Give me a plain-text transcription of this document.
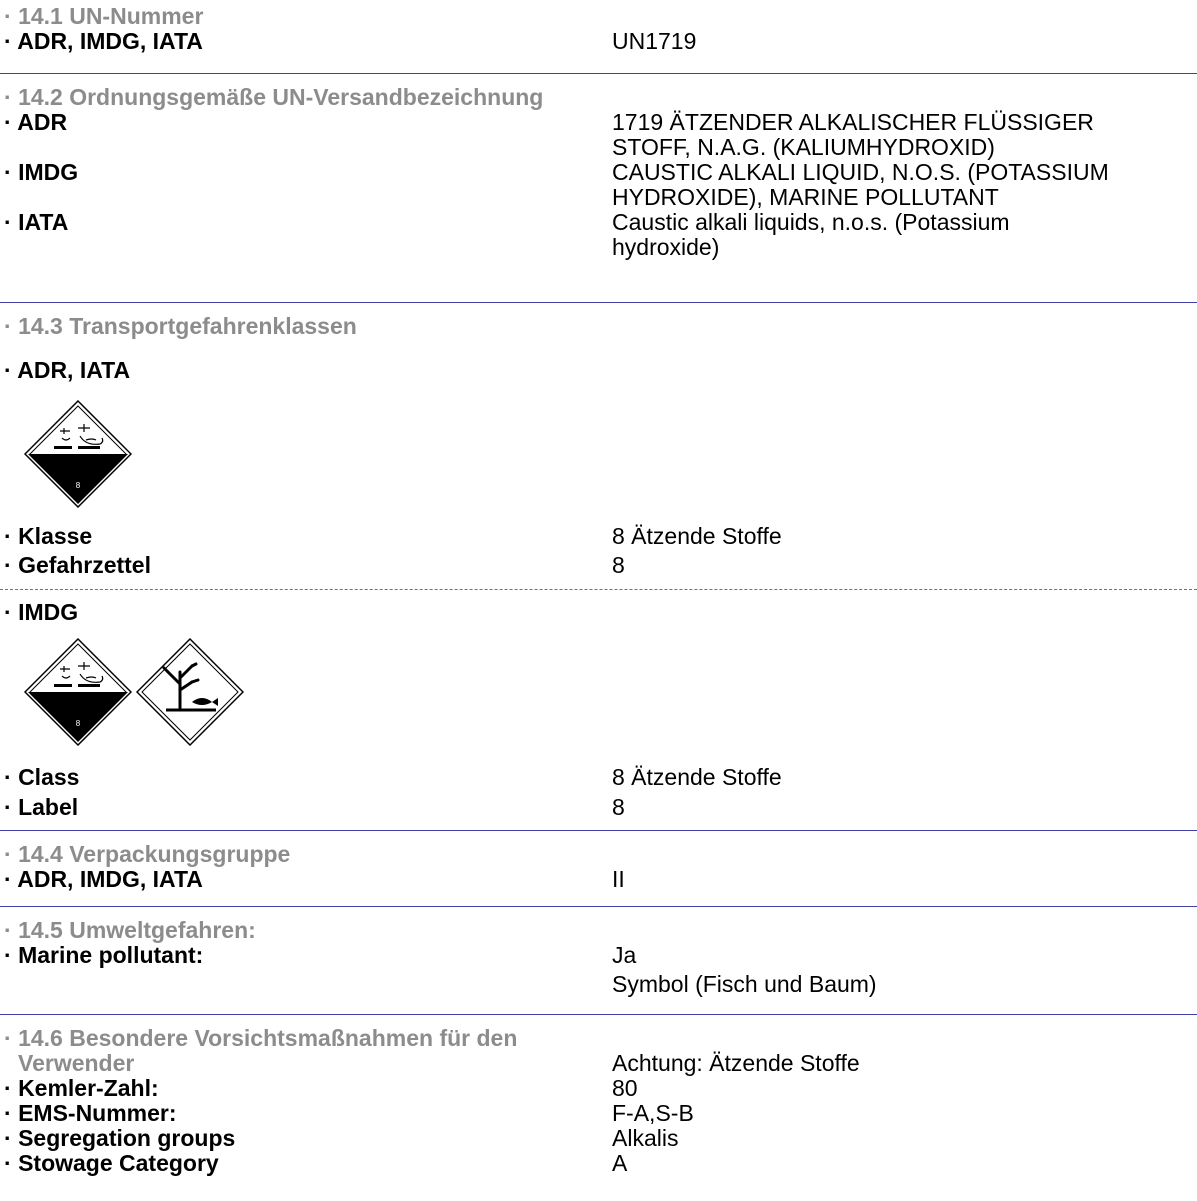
· 14.1 UN-Nummer
· ADR, IMDG, IATA	UN1719
· 14.2 Ordnungsgemäße UN-Versandbezeichnung
· ADR	1719 ÄTZENDER ALKALISCHER FLÜSSIGER
STOFF, N.A.G. (KALIUMHYDROXID)
· IMDG	CAUSTIC ALKALI LIQUID, N.O.S. (POTASSIUM
HYDROXIDE), MARINE POLLUTANT
· IATA	Caustic alkali liquids, n.o.s. (Potassium
hydroxide)
· 14.3 Transportgefahrenklassen
· ADR, IATA
8
· Klasse	8 Ätzende Stoffe
· Gefahrzettel	8
· IMDG
8
· Class	8 Ätzende Stoffe
· Label	8
· 14.4 Verpackungsgruppe
· ADR, IMDG, IATA	II
· 14.5 Umweltgefahren:
· Marine pollutant:	Ja
Symbol (Fisch und Baum)
· 14.6 Besondere Vorsichtsmaßnahmen für den
Verwender	Achtung: Ätzende Stoffe
· Kemler-Zahl:	80
· EMS-Nummer:	F-A,S-B
· Segregation groups	Alkalis
· Stowage Category	A
